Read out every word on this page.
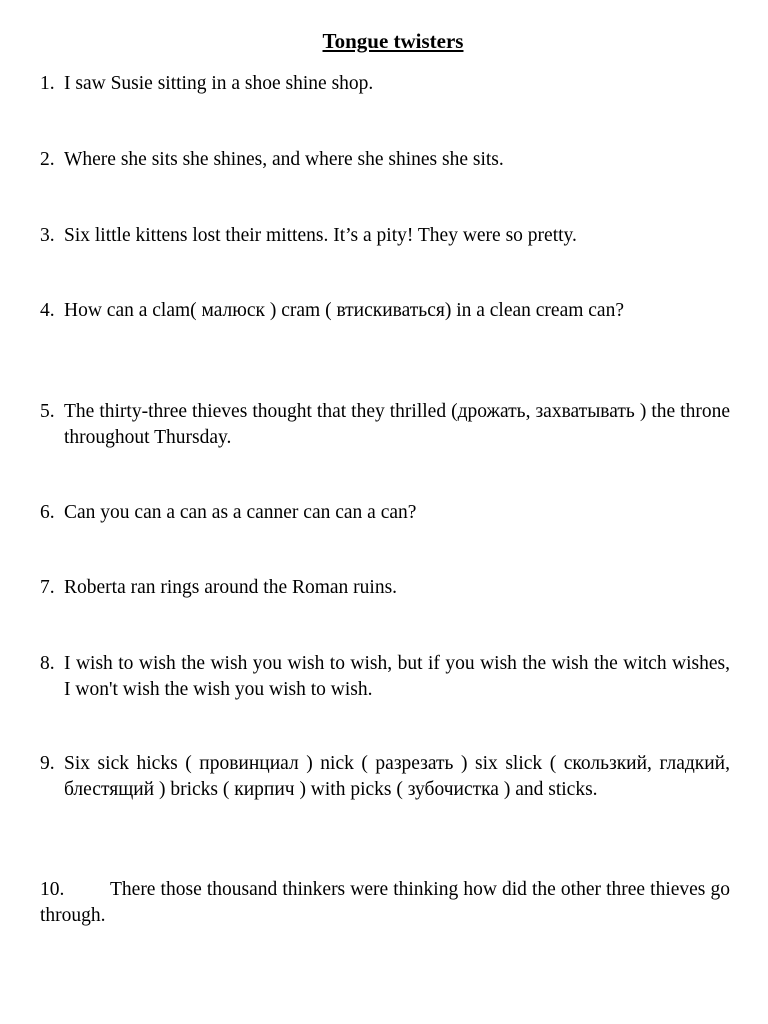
Tongue twisters
1. I saw Susie sitting in a shoe shine shop.
2. Where she sits she shines, and where she shines she sits.
3. Six little kittens lost their mittens. It’s a pity! They were so pretty.
4. How can a clam( малюск ) cram ( втискиваться) in a clean cream can?
5. The thirty-three thieves thought that they thrilled (дрожать, захватывать ) the throne throughout Thursday.
6. Can you can a can as a canner can can a can?
7. Roberta ran rings around the Roman ruins.
8. I wish to wish the wish you wish to wish, but if you wish the wish the witch wishes, I won't wish the wish you wish to wish.
9. Six sick hicks ( провинциал ) nick ( разрезать ) six slick ( скользкий, гладкий, блестящий ) bricks ( кирпич ) with picks ( зубочистка ) and sticks.
10.	There those thousand thinkers were thinking how did the other three thieves go through.
